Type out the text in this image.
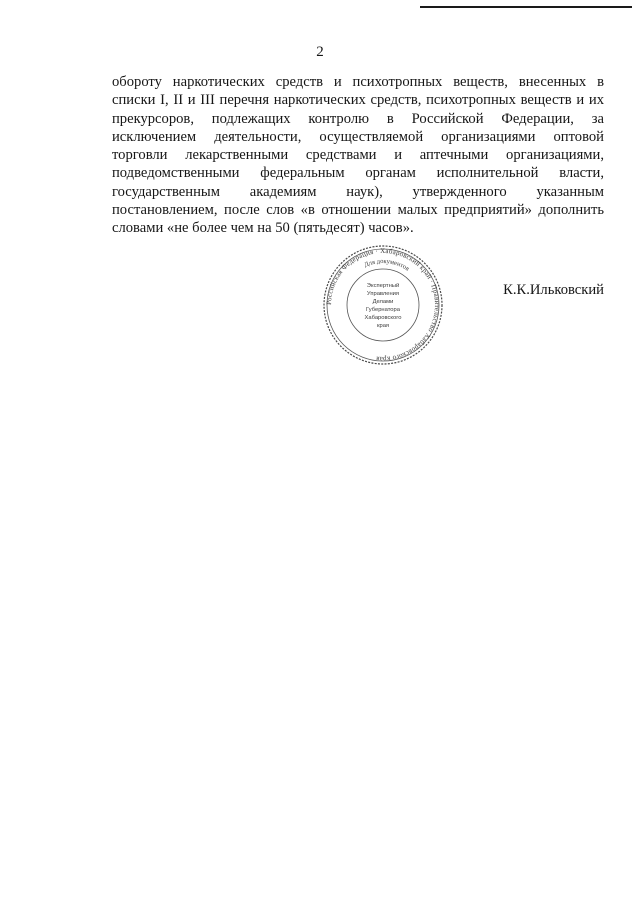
2
обороту наркотических средств и психотропных веществ, внесенных в
списки I, II и III перечня наркотических средств, психотропных веществ и их
прекурсоров, подлежащих контролю в Российской Федерации, за
исключением деятельности, осуществляемой организациями оптовой
торговли лекарственными средствами и аптечными организациями,
подведомственными федеральным органам исполнительной власти,
государственным академиям наук), утвержденного указанным
постановлением, после слов «в отношении малых предприятий» дополнить
словами «не более чем на 50 (пятьдесят) часов».
Российская Федерация · Хабаровский край · Правительство Хабаровского края
Для документов
Экспертный
Управления
Делами
Губернатора
Хабаровского
края
К.К.Ильковский
